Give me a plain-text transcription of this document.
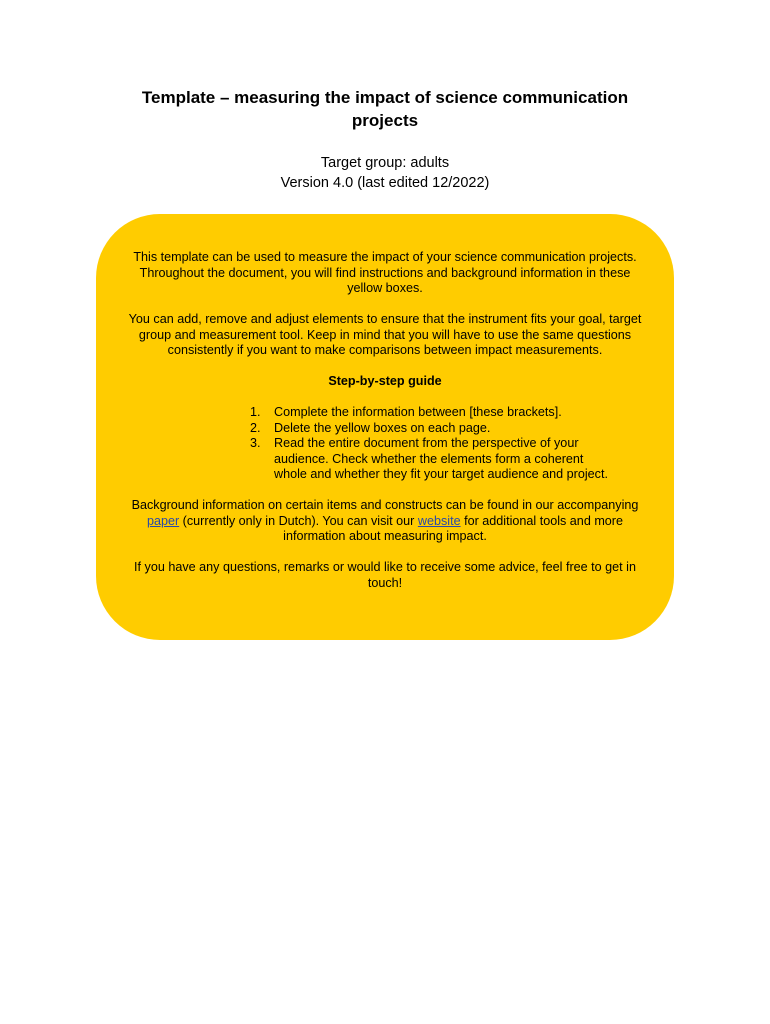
Template – measuring the impact of science communication projects
Target group: adults
Version 4.0 (last edited 12/2022)

This template can be used to measure the impact of your science communication projects. Throughout the document, you will find instructions and background information in these yellow boxes.

You can add, remove and adjust elements to ensure that the instrument fits your goal, target group and measurement tool. Keep in mind that you will have to use the same questions consistently if you want to make comparisons between impact measurements.

Step-by-step guide

1. Complete the information between [these brackets].
2. Delete the yellow boxes on each page.
3. Read the entire document from the perspective of your audience. Check whether the elements form a coherent whole and whether they fit your target audience and project.

Background information on certain items and constructs can be found in our accompanying paper (currently only in Dutch). You can visit our website for additional tools and more information about measuring impact.

If you have any questions, remarks or would like to receive some advice, feel free to get in touch!
